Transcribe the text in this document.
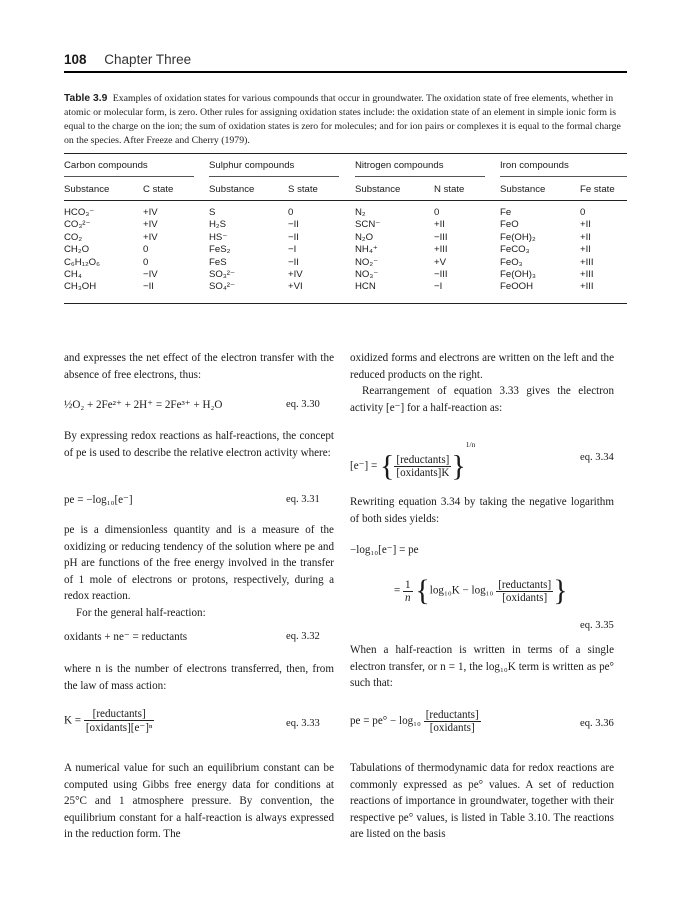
108 Chapter Three
Table 3.9 Examples of oxidation states for various compounds that occur in groundwater. The oxidation state of free elements, whether in atomic or molecular form, is zero. Other rules for assigning oxidation states include: the oxidation state of an element in simple ionic form is equal to the charge on the ion; the sum of oxidation states is zero for molecules; and for ion pairs or complexes it is equal to the formal charge on the species. After Freeze and Cherry (1979).
Carbon compounds	Sulphur compounds	Nitrogen compounds	Iron compounds
Substance	C state	Substance	S state	Substance	N state	Substance	Fe state
HCO₃⁻	+IV	S	0	N₂	0	Fe	0
CO₃²⁻	+IV	H₂S	−II	SCN⁻	+II	FeO	+II
CO₂	+IV	HS⁻	−II	N₂O	−III	Fe(OH)₂	+II
CH₂O	0	FeS₂	−I	NH₄⁺	+III	FeCO₃	+II
C₆H₁₂O₆	0	FeS	−II	NO₂⁻	+V	FeO₃	+III
CH₄	−IV	SO₃²⁻	+IV	NO₃⁻	−III	Fe(OH)₃	+III
CH₃OH	−II	SO₄²⁻	+VI	HCN	−I	FeOOH	+III
and expresses the net effect of the electron transfer with the absence of free electrons, thus:
½O₂ + 2Fe²⁺ + 2H⁺ = 2Fe³⁺ + H₂O	eq. 3.30
By expressing redox reactions as half-reactions, the concept of pe is used to describe the relative electron activity where:
pe = −log₁₀[e⁻]	eq. 3.31

pe is a dimensionless quantity and is a measure of the oxidizing or reducing tendency of the solution where pe and pH are functions of the free energy involved in the transfer of 1 mole of electrons or protons, respectively, during a redox reaction.

For the general half-reaction:

oxidants + ne⁻ = reductants	eq. 3.32
where n is the number of electrons transferred, then, from the law of mass action:
$K = \frac{\text{[reductants]}}{\text{[oxidants][e⁻]ⁿ}}$	eq. 3.33
A numerical value for such an equilibrium constant can be computed using Gibbs free energy data for conditions at 25°C and 1 atmosphere pressure. By convention, the equilibrium constant for a half-reaction is always expressed in the reduction form. The

oxidized forms and electrons are written on the left and the reduced products on the right.

Rearrangement of equation 3.33 gives the electron activity [e⁻] for a half-reaction as:

[e⁻] = { $\frac{\text{[reductants]}}{\text{[oxidants]K}} \}^{1/n}$
eq. 3.34
Rewriting equation 3.34 by taking the negative logarithm of both sides yields:
−log₁₀[e⁻] = pe
= $\frac{1}{n} \{\log_{10}K - \log_{10} \frac{\text{[reductants]}}{\text{[oxidants]}}$ }
eq. 3.35
When a half-reaction is written in terms of a single electron transfer, or n = 1, the log₁₀K term is written as pe° such that:
pe = $pe^\circ - \log_{10} \frac{\text{[reductants]}}{\text{[oxidants]}}$	eq. 3.36
Tabulations of thermodynamic data for redox reactions are commonly expressed as pe° values. A set of reduction reactions of importance in groundwater, together with their respective pe° values, is listed in Table 3.10. The reactions are listed on the basis
